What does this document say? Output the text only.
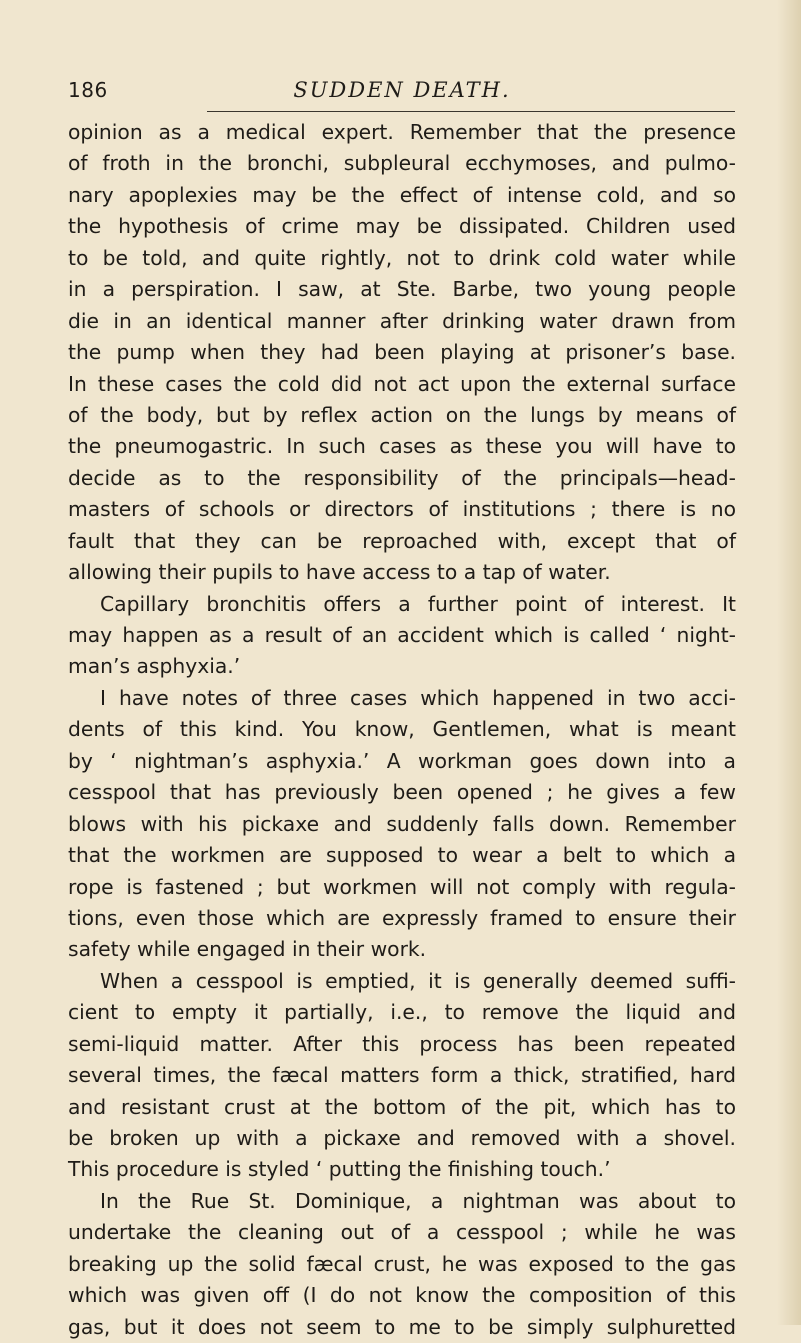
186	SUDDEN DEATH.
opinion as a medical expert. Remember that the presence
of froth in the bronchi, subpleural ecchymoses, and pulmo-
nary apoplexies may be the effect of intense cold, and so
the hypothesis of crime may be dissipated. Children used
to be told, and quite rightly, not to drink cold water while
in a perspiration. I saw, at Ste. Barbe, two young people
die in an identical manner after drinking water drawn from
the pump when they had been playing at prisoner’s base.
In these cases the cold did not act upon the external surface
of the body, but by reflex action on the lungs by means of
the pneumogastric. In such cases as these you will have to
decide as to the responsibility of the principals—head-
masters of schools or directors of institutions ; there is no
fault that they can be reproached with, except that of
allowing their pupils to have access to a tap of water.
Capillary bronchitis offers a further point of interest. It
may happen as a result of an accident which is called ‘ night-
man’s asphyxia.’
I have notes of three cases which happened in two acci-
dents of this kind. You know, Gentlemen, what is meant
by ‘ nightman’s asphyxia.’ A workman goes down into a
cesspool that has previously been opened ; he gives a few
blows with his pickaxe and suddenly falls down. Remember
that the workmen are supposed to wear a belt to which a
rope is fastened ; but workmen will not comply with regula-
tions, even those which are expressly framed to ensure their
safety while engaged in their work.
When a cesspool is emptied, it is generally deemed suffi-
cient to empty it partially, i.e., to remove the liquid and
semi-liquid matter. After this process has been repeated
several times, the fæcal matters form a thick, stratified, hard
and resistant crust at the bottom of the pit, which has to
be broken up with a pickaxe and removed with a shovel.
This procedure is styled ‘ putting the finishing touch.’
In the Rue St. Dominique, a nightman was about to
undertake the cleaning out of a cesspool ; while he was
breaking up the solid fæcal crust, he was exposed to the gas
which was given off (I do not know the composition of this
gas, but it does not seem to me to be simply sulphuretted
